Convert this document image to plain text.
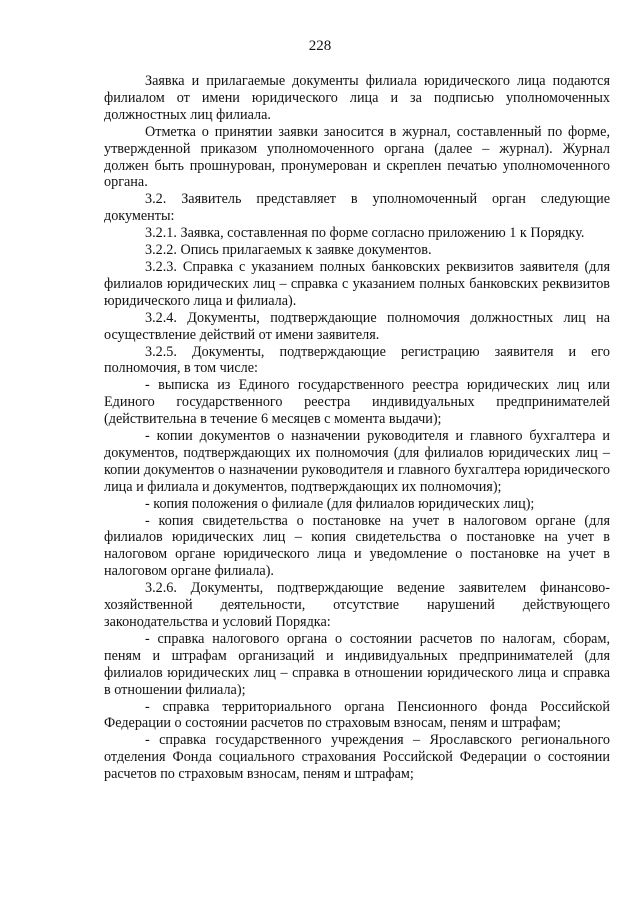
228

Заявка и прилагаемые документы филиала юридического лица подаются филиалом от имени юридического лица и за подписью уполномоченных должностных лиц филиала.

Отметка о принятии заявки заносится в журнал, составленный по форме, утвержденной приказом уполномоченного органа (далее – журнал). Журнал должен быть прошнурован, пронумерован и скреплен печатью уполномоченного органа.

3.2. Заявитель представляет в уполномоченный орган следующие документы:

3.2.1. Заявка, составленная по форме согласно приложению 1 к Порядку.

3.2.2. Опись прилагаемых к заявке документов.

3.2.3. Справка с указанием полных банковских реквизитов заявителя (для филиалов юридических лиц – справка с указанием полных банковских реквизитов юридического лица и филиала).

3.2.4. Документы, подтверждающие полномочия должностных лиц на осуществление действий от имени заявителя.

3.2.5. Документы, подтверждающие регистрацию заявителя и его полномочия, в том числе:

- выписка из Единого государственного реестра юридических лиц или Единого государственного реестра индивидуальных предпринимателей (действительна в течение 6 месяцев с момента выдачи);

- копии документов о назначении руководителя и главного бухгалтера и документов, подтверждающих их полномочия (для филиалов юридических лиц – копии документов о назначении руководителя и главного бухгалтера юридического лица и филиала и документов, подтверждающих их полномочия);

- копия положения о филиале (для филиалов юридических лиц);

- копия свидетельства о постановке на учет в налоговом органе (для филиалов юридических лиц – копия свидетельства о постановке на учет в налоговом органе юридического лица и уведомление о постановке на учет в налоговом органе филиала).

3.2.6. Документы, подтверждающие ведение заявителем финансово-хозяйственной деятельности, отсутствие нарушений действующего законодательства и условий Порядка:

- справка налогового органа о состоянии расчетов по налогам, сборам, пеням и штрафам организаций и индивидуальных предпринимателей (для филиалов юридических лиц – справка в отношении юридического лица и справка в отношении филиала);

- справка территориального органа Пенсионного фонда Российской Федерации о состоянии расчетов по страховым взносам, пеням и штрафам;

- справка государственного учреждения – Ярославского регионального отделения Фонда социального страхования Российской Федерации о состоянии расчетов по страховым взносам, пеням и штрафам;
